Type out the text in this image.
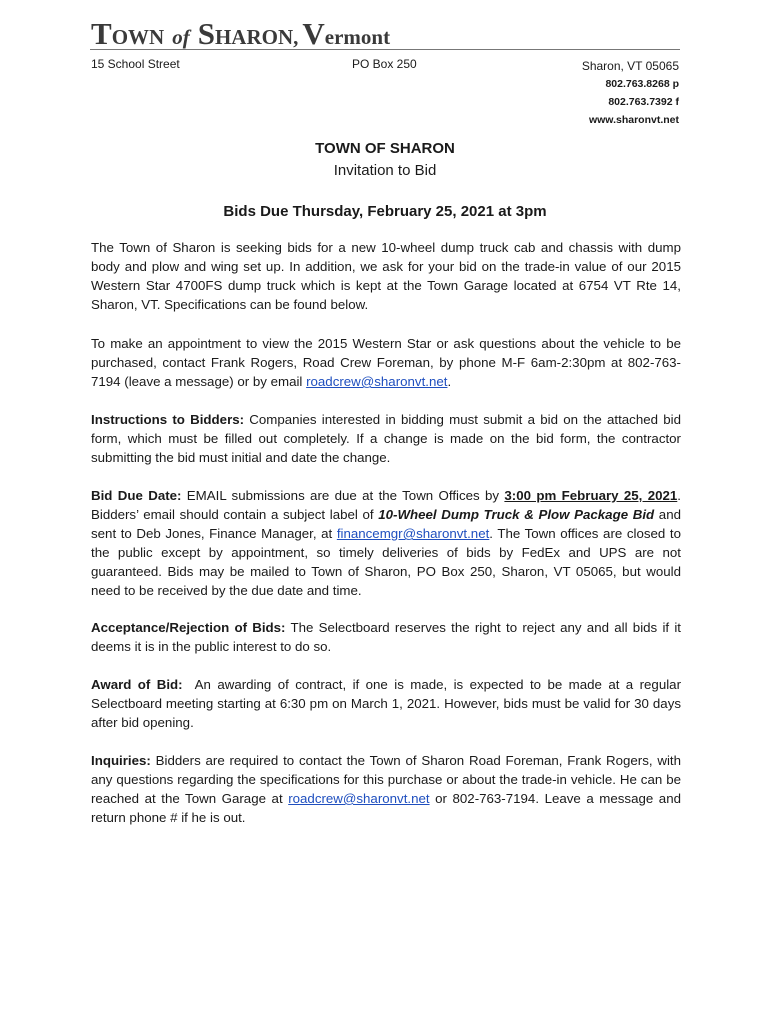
TOWN of SHARON, Vermont
15 School Street	PO Box 250	Sharon, VT 05065
802.763.8268 p
802.763.7392 f
www.sharonvt.net
TOWN OF SHARON
Invitation to Bid
Bids Due Thursday, February 25, 2021 at 3pm
The Town of Sharon is seeking bids for a new 10-wheel dump truck cab and chassis with dump body and plow and wing set up. In addition, we ask for your bid on the trade-in value of our 2015 Western Star 4700FS dump truck which is kept at the Town Garage located at 6754 VT Rte 14, Sharon, VT. Specifications can be found below.
To make an appointment to view the 2015 Western Star or ask questions about the vehicle to be purchased, contact Frank Rogers, Road Crew Foreman, by phone M-F 6am-2:30pm at 802-763-7194 (leave a message) or by email roadcrew@sharonvt.net.
Instructions to Bidders: Companies interested in bidding must submit a bid on the attached bid form, which must be filled out completely. If a change is made on the bid form, the contractor submitting the bid must initial and date the change.
Bid Due Date: EMAIL submissions are due at the Town Offices by 3:00 pm February 25, 2021. Bidders’ email should contain a subject label of 10-Wheel Dump Truck & Plow Package Bid and sent to Deb Jones, Finance Manager, at financemgr@sharonvt.net. The Town offices are closed to the public except by appointment, so timely deliveries of bids by FedEx and UPS are not guaranteed. Bids may be mailed to Town of Sharon, PO Box 250, Sharon, VT 05065, but would need to be received by the due date and time.
Acceptance/Rejection of Bids: The Selectboard reserves the right to reject any and all bids if it deems it is in the public interest to do so.
Award of Bid:  An awarding of contract, if one is made, is expected to be made at a regular Selectboard meeting starting at 6:30 pm on March 1, 2021. However, bids must be valid for 30 days after bid opening.
Inquiries: Bidders are required to contact the Town of Sharon Road Foreman, Frank Rogers, with any questions regarding the specifications for this purchase or about the trade-in vehicle. He can be reached at the Town Garage at roadcrew@sharonvt.net or 802-763-7194. Leave a message and return phone # if he is out.
